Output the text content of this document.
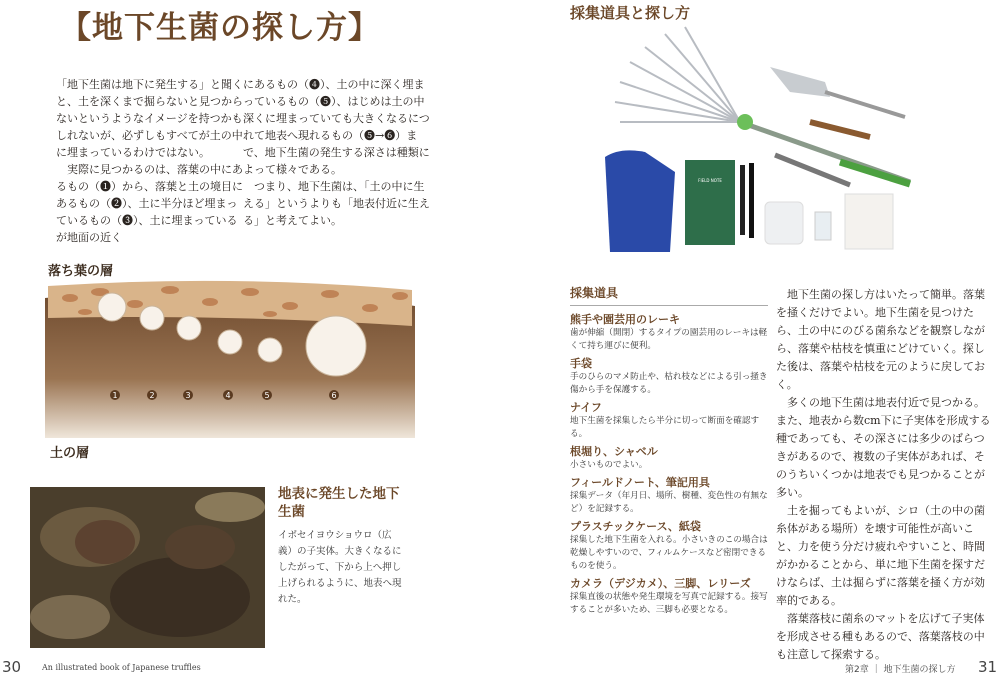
【地下生菌の探し方】

「地下生菌は地下に発生する」と聞くと、土を深くまで掘らないと見つからないというようなイメージを持つかもしれないが、必ずしもすべてが土の中に埋まっているわけではない。

実際に見つかるのは、落葉の中にあるもの（❶）から、落葉と土の境目にあるもの（❷）、土に半分ほど埋まっているもの（❸）、土に埋まっているが地面の近く

にあるもの（❹）、土の中に深く埋まっているもの（❺）、はじめは土の中深くに埋まっていても大きくなるにつれて地表へ現れるもの（❺→❻）まで、地下生菌の発生する深さは種類によって様々である。

つまり、地下生菌は、「土の中に生える」というよりも「地表付近に生える」と考えてよい。

落ち葉の層
1	2	3	4	5	6
土の層
地表に発生した地下生菌
イボセイヨウショウロ（広義）の子実体。大きくなるにしたがって、下から上へ押し上げられるように、地表へ現れた。
30	An illustrated book of Japanese truffles
採集道具と探し方
FIELD NOTE
採集道具
熊手や園芸用のレーキ
歯が伸縮（開閉）するタイプの園芸用のレーキは軽くて持ち運びに便利。
手袋
手のひらのマメ防止や、枯れ枝などによる引っ掻き傷から手を保護する。
ナイフ
地下生菌を採集したら半分に切って断面を確認する。
根堀り、シャベル
小さいものでよい。
フィールドノート、筆記用具
採集データ（年月日、場所、樹種、変色性の有無など）を記録する。
プラスチックケース、紙袋
採集した地下生菌を入れる。小さいきのこの場合は乾燥しやすいので、フィルムケースなど密閉できるものを使う。
カメラ（デジカメ）、三脚、レリーズ
採集直後の状態や発生環境を写真で記録する。接写することが多いため、三脚も必要となる。

地下生菌の探し方はいたって簡単。落葉を掻くだけでよい。地下生菌を見つけたら、土の中にのびる菌糸などを観察しながら、落葉や枯枝を慎重にどけていく。探した後は、落葉や枯枝を元のように戻しておく。

多くの地下生菌は地表付近で見つかる。また、地表から数cm下に子実体を形成する種であっても、その深さには多少のばらつきがあるので、複数の子実体があれば、そのうちいくつかは地表でも見つかることが多い。

土を掘ってもよいが、シロ（土の中の菌糸体がある場所）を壊す可能性が高いこと、力を使う分だけ疲れやすいこと、時間がかかることから、単に地下生菌を探すだけならば、土は掘らずに落葉を掻く方が効率的である。

落葉落枝に菌糸のマットを広げて子実体を形成させる種もあるので、落葉落枝の中も注意して探索する。

第2章 ｜ 地下生菌の探し方 31
